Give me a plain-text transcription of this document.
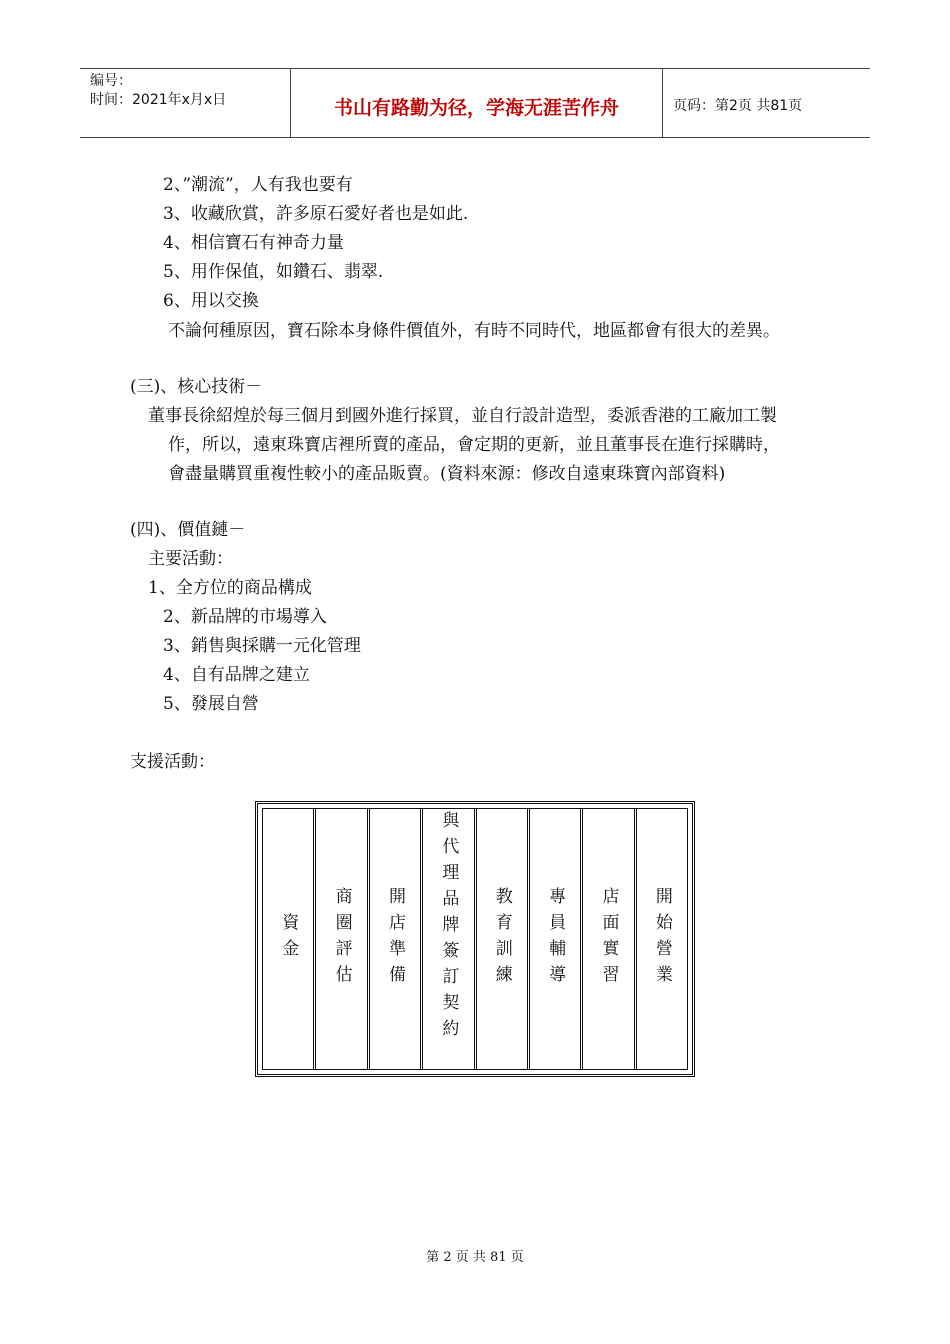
编号：
时间：2021年x月x日	书山有路勤为径，学海无涯苦作舟	页码：第2页 共81页
2、”潮流”，人有我也要有
3、收藏欣賞，許多原石愛好者也是如此.
4、相信寶石有神奇力量
5、用作保值，如鑽石、翡翠.
6、用以交換
不論何種原因，寶石除本身條件價值外，有時不同時代，地區都會有很大的差異。
(三)、核心技術－
董事長徐紹煌於每三個月到國外進行採買，並自行設計造型，委派香港的工廠加工製
作，所以，遠東珠寶店裡所賣的產品，會定期的更新，並且董事長在進行採購時，
會盡量購買重複性較小的產品販賣。(資料來源：修改自遠東珠寶內部資料)
(四)、價值鏈－
主要活動：
1、全方位的商品構成
2、新品牌的市場導入
3、銷售與採購一元化管理
4、自有品牌之建立
5、發展自營
支援活動：
資金 商圈評估 開店準備 與代理品牌簽訂契約 教育訓練 專員輔導 店面實習 開始營業
第 2 页 共 81 页
